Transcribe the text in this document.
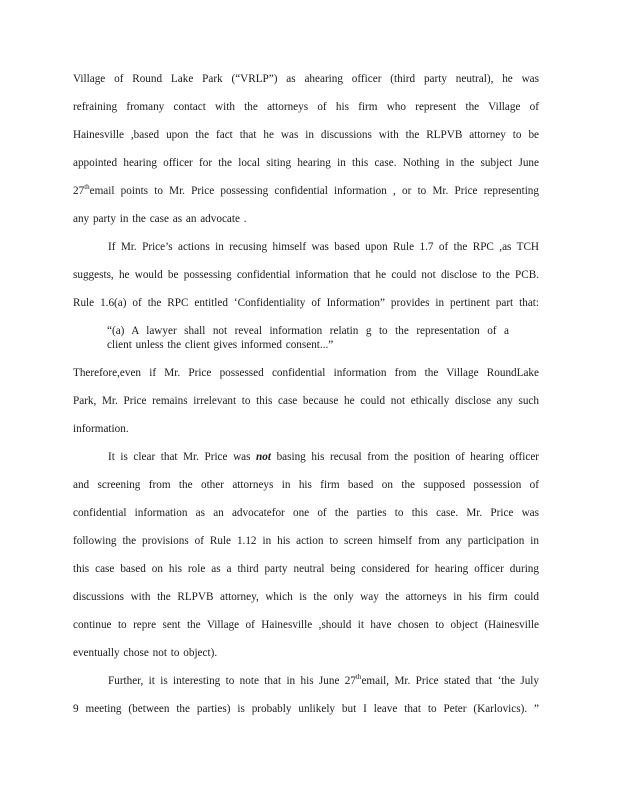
Village of Round Lake Park (“VRLP”) as ahearing officer (third party neutral), he was
refraining fromany contact with the attorneys of his firm who represent the Village of
Hainesville ,based upon the fact that he was in discussions with the RLPVB attorney to be
appointed hearing officer for the local siting hearing in this case. Nothing in the subject June
27themail points to Mr. Price possessing confidential information , or to Mr. Price representing
any party in the case as an advocate .
If Mr. Price’s actions in recusing himself was based upon Rule 1.7 of the RPC ,as TCH
suggests, he would be possessing confidential information that he could not disclose to the PCB.
Rule 1.6(a) of the RPC entitled ‘Confidentiality of Information” provides in pertinent part that:
“(a) A lawyer shall not reveal information relatin g to the representation of a
client unless the client gives informed consent...”
Therefore,even if Mr. Price possessed confidential information from the Village RoundLake
Park, Mr. Price remains irrelevant to this case because he could not ethically disclose any such
information.
It is clear that Mr. Price was not basing his recusal from the position of hearing officer
and screening from the other attorneys in his firm based on the supposed possession of
confidential information as an advocatefor one of the parties to this case. Mr. Price was
following the provisions of Rule 1.12 in his action to screen himself from any participation in
this case based on his role as a third party neutral being considered for hearing officer during
discussions with the RLPVB attorney, which is the only way the attorneys in his firm could
continue to repre sent the Village of Hainesville ,should it have chosen to object (Hainesville
eventually chose not to object).
Further, it is interesting to note that in his June 27themail, Mr. Price stated that ‘the July
9 meeting (between the parties) is probably unlikely but I leave that to Peter (Karlovics). ”
